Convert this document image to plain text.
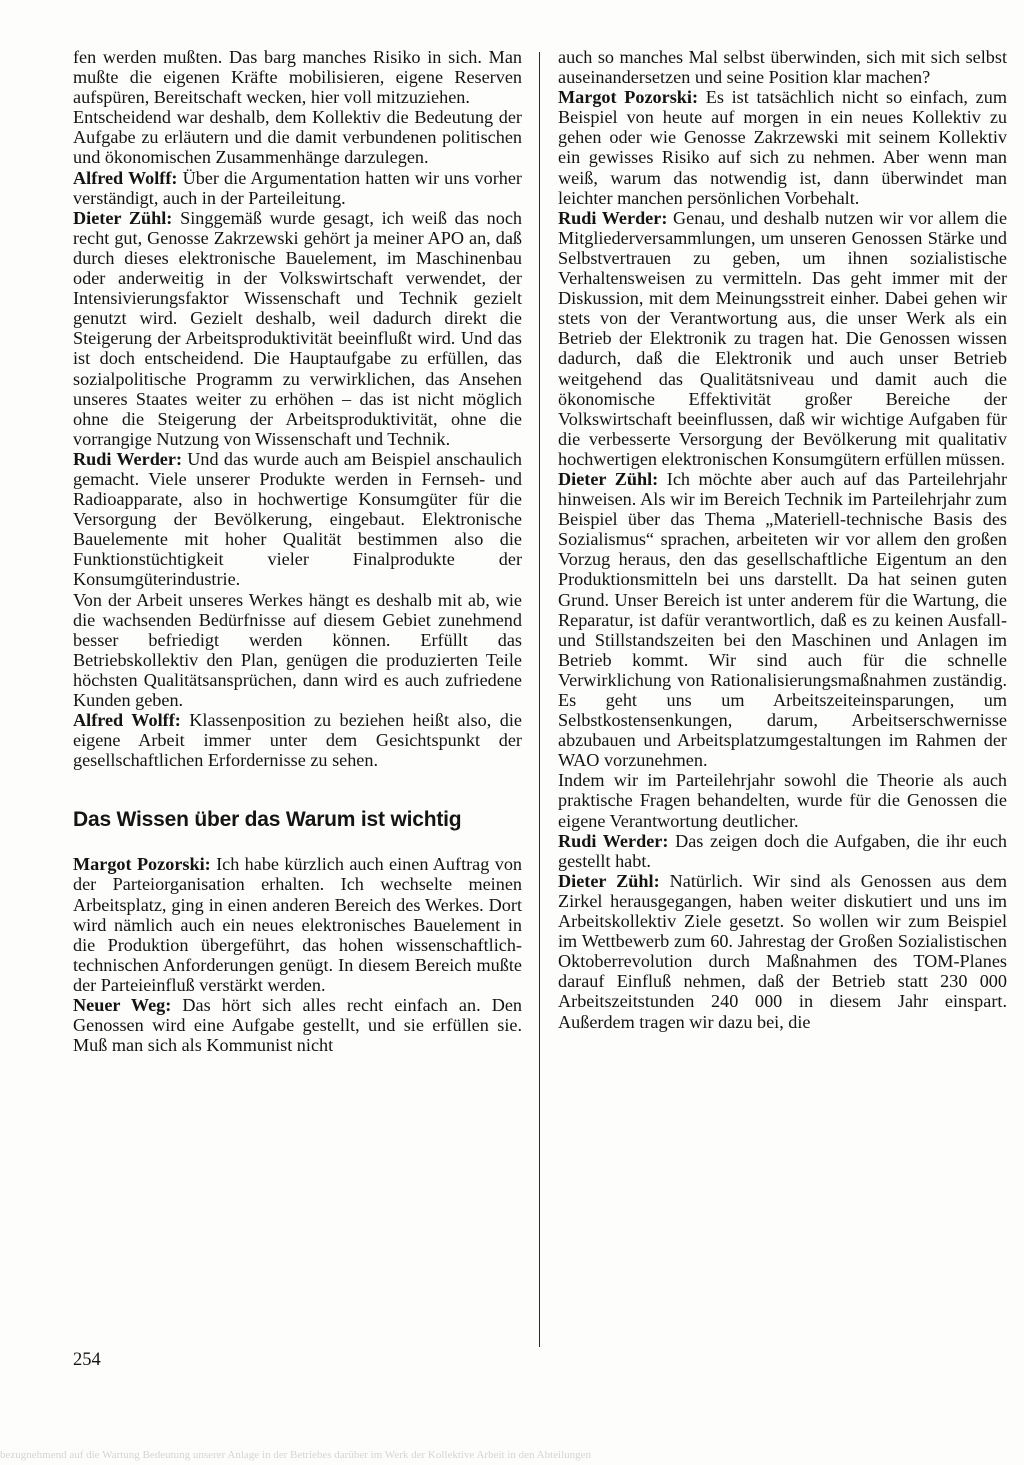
fen werden mußten. Das barg manches Risiko in sich. Man mußte die eigenen Kräfte mobilisieren, eigene Reserven aufspüren, Bereitschaft wecken, hier voll mitzuziehen.

Entscheidend war deshalb, dem Kollektiv die Bedeutung der Aufgabe zu erläutern und die damit verbundenen politischen und ökonomischen Zusammenhänge darzulegen.

Alfred Wolff: Über die Argumentation hatten wir uns vorher verständigt, auch in der Parteileitung.

Dieter Zühl: Singgemäß wurde gesagt, ich weiß das noch recht gut, Genosse Zakrzewski gehört ja meiner APO an, daß durch dieses elektronische Bauelement, im Maschinenbau oder anderweitig in der Volkswirtschaft verwendet, der Intensivierungsfaktor Wissenschaft und Technik gezielt genutzt wird. Gezielt deshalb, weil dadurch direkt die Steigerung der Arbeitsproduktivität beeinflußt wird. Und das ist doch entscheidend. Die Hauptaufgabe zu erfüllen, das sozialpolitische Programm zu verwirklichen, das Ansehen unseres Staates weiter zu erhöhen – das ist nicht möglich ohne die Steigerung der Arbeitsproduktivität, ohne die vorrangige Nutzung von Wissenschaft und Technik.

Rudi Werder: Und das wurde auch am Beispiel anschaulich gemacht. Viele unserer Produkte werden in Fernseh- und Radioapparate, also in hochwertige Konsumgüter für die Versorgung der Bevölkerung, eingebaut. Elektronische Bauelemente mit hoher Qualität bestimmen also die Funktionstüchtigkeit vieler Finalprodukte der Konsumgüterindustrie.

Von der Arbeit unseres Werkes hängt es deshalb mit ab, wie die wachsenden Bedürfnisse auf diesem Gebiet zunehmend besser befriedigt werden können. Erfüllt das Betriebskollektiv den Plan, genügen die produzierten Teile höchsten Qualitätsansprüchen, dann wird es auch zufriedene Kunden geben.

Alfred Wolff: Klassenposition zu beziehen heißt also, die eigene Arbeit immer unter dem Gesichtspunkt der gesellschaftlichen Erfordernisse zu sehen.

Das Wissen über das Warum ist wichtig

Margot Pozorski: Ich habe kürzlich auch einen Auftrag von der Parteiorganisation erhalten. Ich wechselte meinen Arbeitsplatz, ging in einen anderen Bereich des Werkes. Dort wird nämlich auch ein neues elektronisches Bauelement in die Produktion übergeführt, das hohen wissenschaftlich-technischen Anforderungen genügt. In diesem Bereich mußte der Parteieinfluß verstärkt werden.

Neuer Weg: Das hört sich alles recht einfach an. Den Genossen wird eine Aufgabe gestellt, und sie erfüllen sie. Muß man sich als Kommunist nicht

auch so manches Mal selbst überwinden, sich mit sich selbst auseinandersetzen und seine Position klar machen?

Margot Pozorski: Es ist tatsächlich nicht so einfach, zum Beispiel von heute auf morgen in ein neues Kollektiv zu gehen oder wie Genosse Zakrzewski mit seinem Kollektiv ein gewisses Risiko auf sich zu nehmen. Aber wenn man weiß, warum das notwendig ist, dann überwindet man leichter manchen persönlichen Vorbehalt.

Rudi Werder: Genau, und deshalb nutzen wir vor allem die Mitgliederversammlungen, um unseren Genossen Stärke und Selbstvertrauen zu geben, um ihnen sozialistische Verhaltensweisen zu vermitteln. Das geht immer mit der Diskussion, mit dem Meinungsstreit einher. Dabei gehen wir stets von der Verantwortung aus, die unser Werk als ein Betrieb der Elektronik zu tragen hat. Die Genossen wissen dadurch, daß die Elektronik und auch unser Betrieb weitgehend das Qualitätsniveau und damit auch die ökonomische Effektivität großer Bereiche der Volkswirtschaft beeinflussen, daß wir wichtige Aufgaben für die verbesserte Versorgung der Bevölkerung mit qualitativ hochwertigen elektronischen Konsumgütern erfüllen müssen.

Dieter Zühl: Ich möchte aber auch auf das Parteilehrjahr hinweisen. Als wir im Bereich Technik im Parteilehrjahr zum Beispiel über das Thema „Materiell-technische Basis des Sozialismus“ sprachen, arbeiteten wir vor allem den großen Vorzug heraus, den das gesellschaftliche Eigentum an den Produktionsmitteln bei uns darstellt. Da hat seinen guten Grund. Unser Bereich ist unter anderem für die Wartung, die Reparatur, ist dafür verantwortlich, daß es zu keinen Ausfall- und Stillstandszeiten bei den Maschinen und Anlagen im Betrieb kommt. Wir sind auch für die schnelle Verwirklichung von Rationalisierungsmaßnahmen zuständig. Es geht uns um Arbeitszeiteinsparungen, um Selbstkostensenkungen, darum, Arbeitserschwernisse abzubauen und Arbeitsplatzumgestaltungen im Rahmen der WAO vorzunehmen.

Indem wir im Parteilehrjahr sowohl die Theorie als auch praktische Fragen behandelten, wurde für die Genossen die eigene Verantwortung deutlicher.

Rudi Werder: Das zeigen doch die Aufgaben, die ihr euch gestellt habt.

Dieter Zühl: Natürlich. Wir sind als Genossen aus dem Zirkel herausgegangen, haben weiter diskutiert und uns im Arbeitskollektiv Ziele gesetzt. So wollen wir zum Beispiel im Wettbewerb zum 60. Jahrestag der Großen Sozialistischen Oktoberrevolution durch Maßnahmen des TOM-Planes darauf Einfluß nehmen, daß der Betrieb statt 230 000 Arbeitszeitstunden 240 000 in diesem Jahr einspart. Außerdem tragen wir dazu bei, die

254
bezugnehmend auf die Wartung Bedeutung unserer Anlage in der Betriebes darüber im Werk der Kollektive Arbeit in den Abteilungen
